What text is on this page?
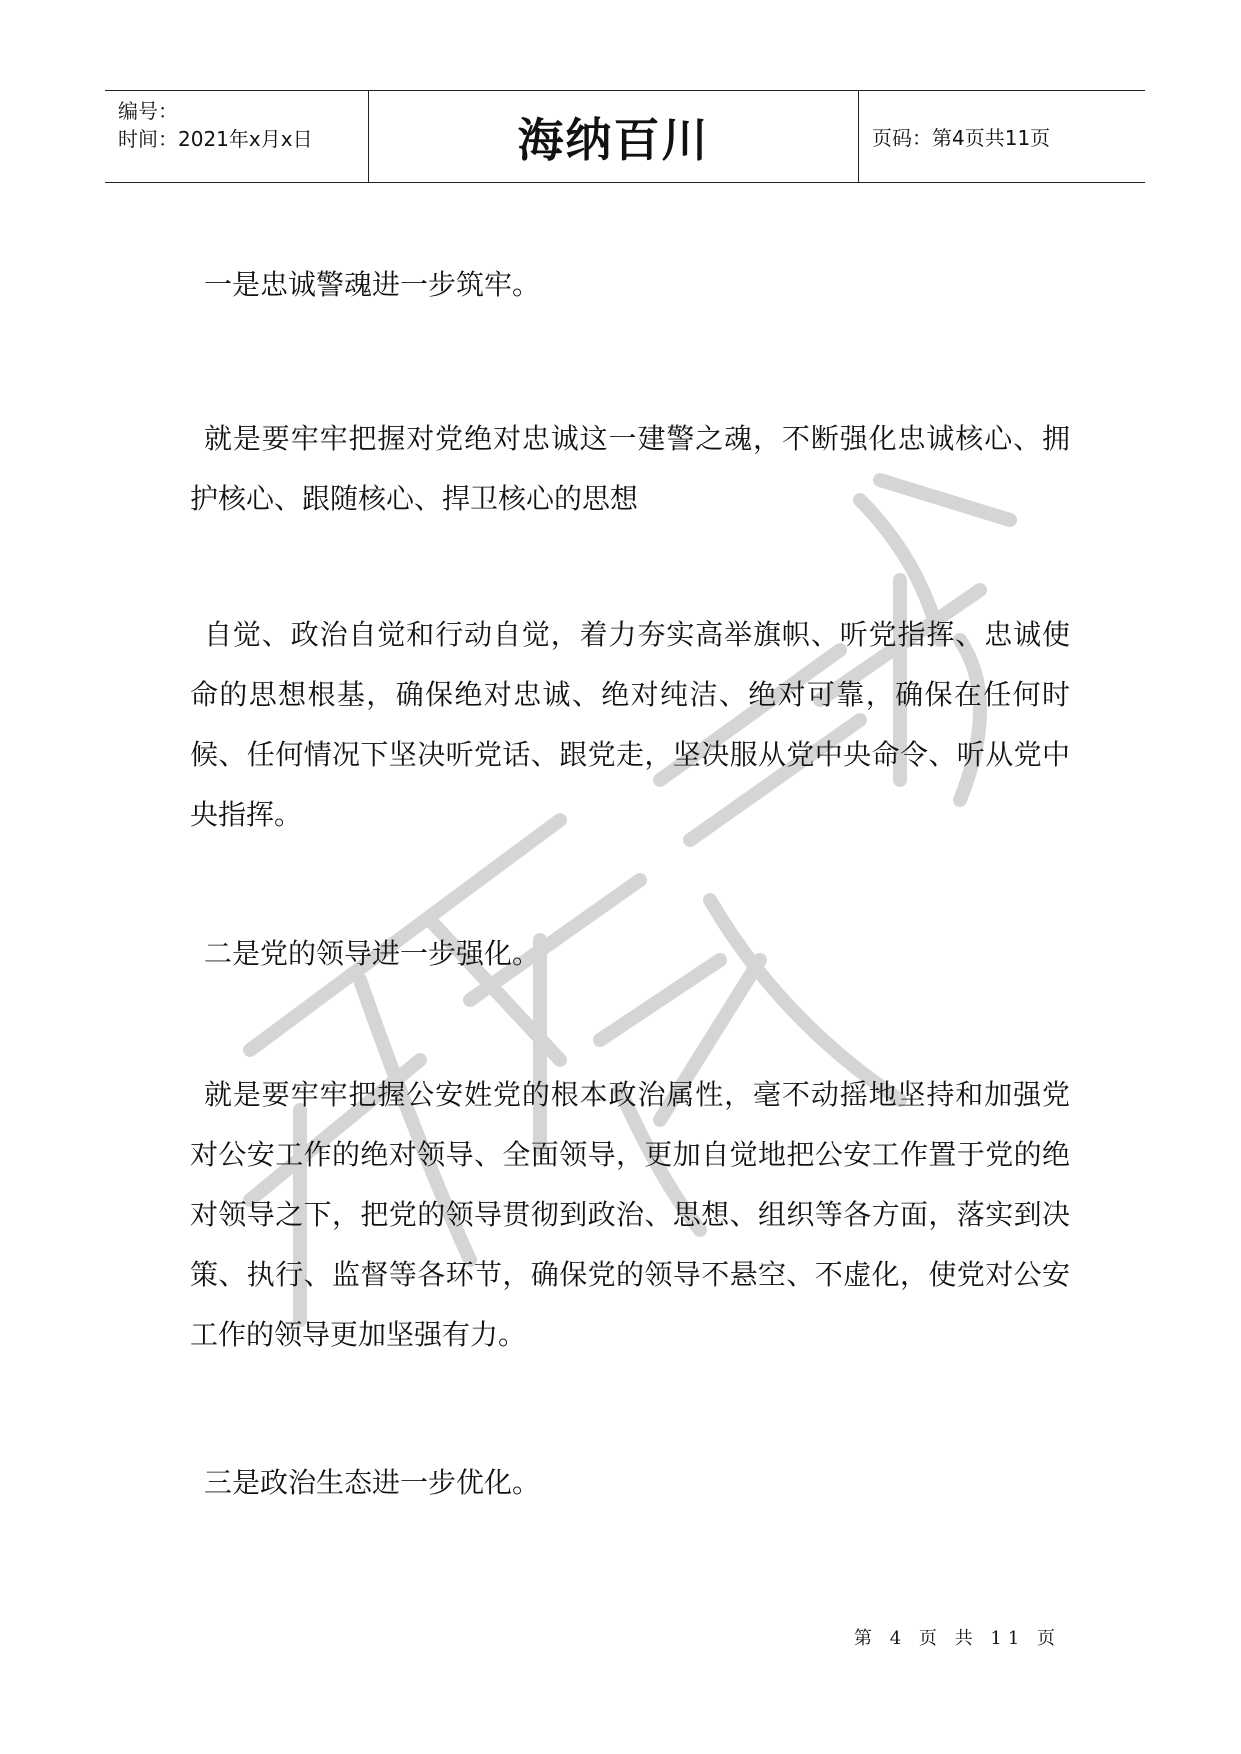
编号：
时间：2021年x月x日	海纳百川	页码：第4页共11页

一是忠诚警魂进一步筑牢。

就是要牢牢把握对党绝对忠诚这一建警之魂，不断强化忠诚核心、拥护核心、跟随核心、捍卫核心的思想

自觉、政治自觉和行动自觉，着力夯实高举旗帜、听党指挥、忠诚使命的思想根基，确保绝对忠诚、绝对纯洁、绝对可靠，确保在任何时候、任何情况下坚决听党话、跟党走，坚决服从党中央命令、听从党中央指挥。

二是党的领导进一步强化。

就是要牢牢把握公安姓党的根本政治属性，毫不动摇地坚持和加强党对公安工作的绝对领导、全面领导，更加自觉地把公安工作置于党的绝对领导之下，把党的领导贯彻到政治、思想、组织等各方面，落实到决策、执行、监督等各环节，确保党的领导不悬空、不虚化，使党对公安工作的领导更加坚强有力。

三是政治生态进一步优化。

第 4 页 共 11 页
